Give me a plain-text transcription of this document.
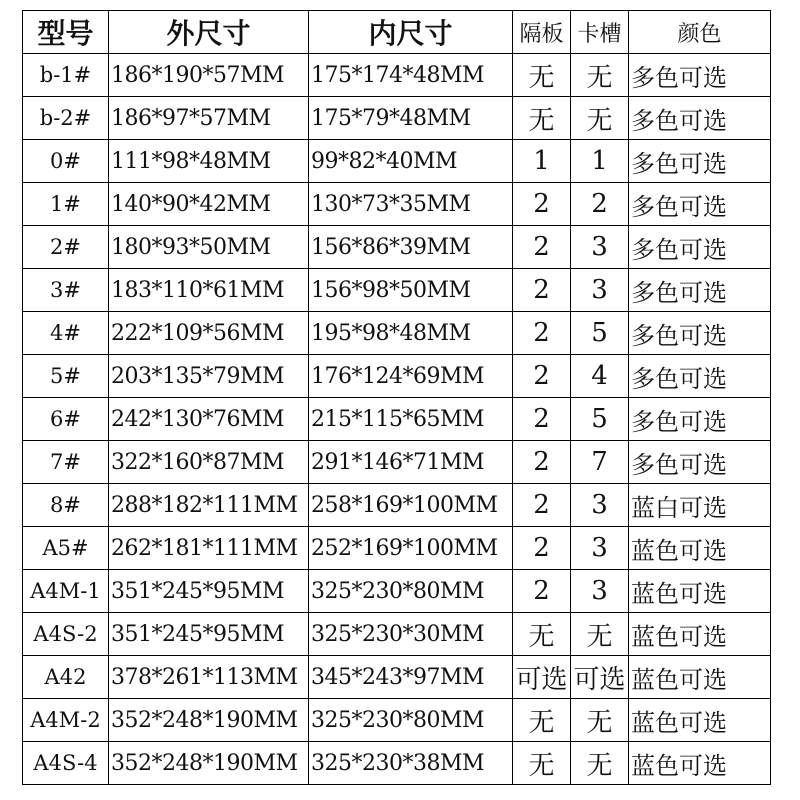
型号	外尺寸	内尺寸	隔板	卡槽	颜色
b-1#	186*190*57MM	175*174*48MM	无	无	多色可选
b-2#	186*97*57MM	175*79*48MM	无	无	多色可选
0#	111*98*48MM	99*82*40MM	1	1	多色可选
1#	140*90*42MM	130*73*35MM	2	2	多色可选
2#	180*93*50MM	156*86*39MM	2	3	多色可选
3#	183*110*61MM	156*98*50MM	2	3	多色可选
4#	222*109*56MM	195*98*48MM	2	5	多色可选
5#	203*135*79MM	176*124*69MM	2	4	多色可选
6#	242*130*76MM	215*115*65MM	2	5	多色可选
7#	322*160*87MM	291*146*71MM	2	7	多色可选
8#	288*182*111MM	258*169*100MM	2	3	蓝白可选
A5#	262*181*111MM	252*169*100MM	2	3	蓝色可选
A4M-1	351*245*95MM	325*230*80MM	2	3	蓝色可选
A4S-2	351*245*95MM	325*230*30MM	无	无	蓝色可选
A42	378*261*113MM	345*243*97MM	可选	可选	蓝色可选
A4M-2	352*248*190MM	325*230*80MM	无	无	蓝色可选
A4S-4	352*248*190MM	325*230*38MM	无	无	蓝色可选
